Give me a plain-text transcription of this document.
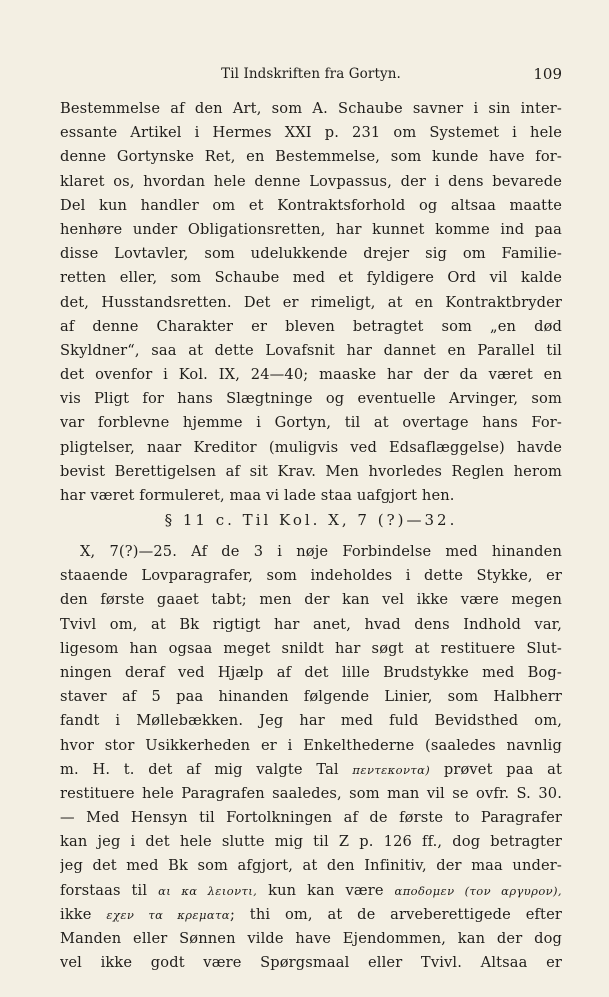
Til Indskriften fra Gortyn.	109
Bestemmelse af den Art, som A. Schaube savner i sin inter-
essante Artikel i Hermes XXI p. 231 om Systemet i hele
denne Gortynske Ret, en Bestemmelse, som kunde have for-
klaret os, hvordan hele denne Lovpassus, der i dens bevarede
Del kun handler om et Kontraktsforhold og altsaa maatte
henhøre under Obligationsretten, har kunnet komme ind paa
disse Lovtavler, som udelukkende drejer sig om Familie-
retten eller, som Schaube med et fyldigere Ord vil kalde
det, Husstandsretten. Det er rimeligt, at en Kontraktbryder
af denne Charakter er bleven betragtet som „en død
Skyldner“, saa at dette Lovafsnit har dannet en Parallel til
det ovenfor i Kol. IX, 24—40; maaske har der da været en
vis Pligt for hans Slægtninge og eventuelle Arvinger, som
var forblevne hjemme i Gortyn, til at overtage hans For-
pligtelser, naar Kreditor (muligvis ved Edsaflæggelse) havde
bevist Berettigelsen af sit Krav. Men hvorledes Reglen herom
har været formuleret, maa vi lade staa uafgjort hen.
§ 11 c. Til Kol. X, 7 (?)—32.
X, 7(?)—25. Af de 3 i nøje Forbindelse med hinanden
staaende Lovparagrafer, som indeholdes i dette Stykke, er
den første gaaet tabt; men der kan vel ikke være megen
Tvivl om, at Bk rigtigt har anet, hvad dens Indhold var,
ligesom han ogsaa meget snildt har søgt at restituere Slut-
ningen deraf ved Hjælp af det lille Brudstykke med Bog-
staver af 5 paa hinanden følgende Linier, som Halbherr
fandt i Møllebækken. Jeg har med fuld Bevidsthed om,
hvor stor Usikkerheden er i Enkelthederne (saaledes navnlig
m. H. t. det af mig valgte Tal πεντεκοντα) prøvet paa at
restituere hele Paragrafen saaledes, som man vil se ovfr. S. 30.
— Med Hensyn til Fortolkningen af de første to Paragrafer
kan jeg i det hele slutte mig til Z p. 126 ff., dog betragter
jeg det med Bk som afgjort, at den Infinitiv, der maa under-
forstaas til αι κα λειοντι, kun kan være αποδομεν (τον αργυρον),
ikke εχεν τα κρεματα; thi om, at de arveberettigede efter
Manden eller Sønnen vilde have Ejendommen, kan der dog
vel ikke godt være Spørgsmaal eller Tvivl. Altsaa er
